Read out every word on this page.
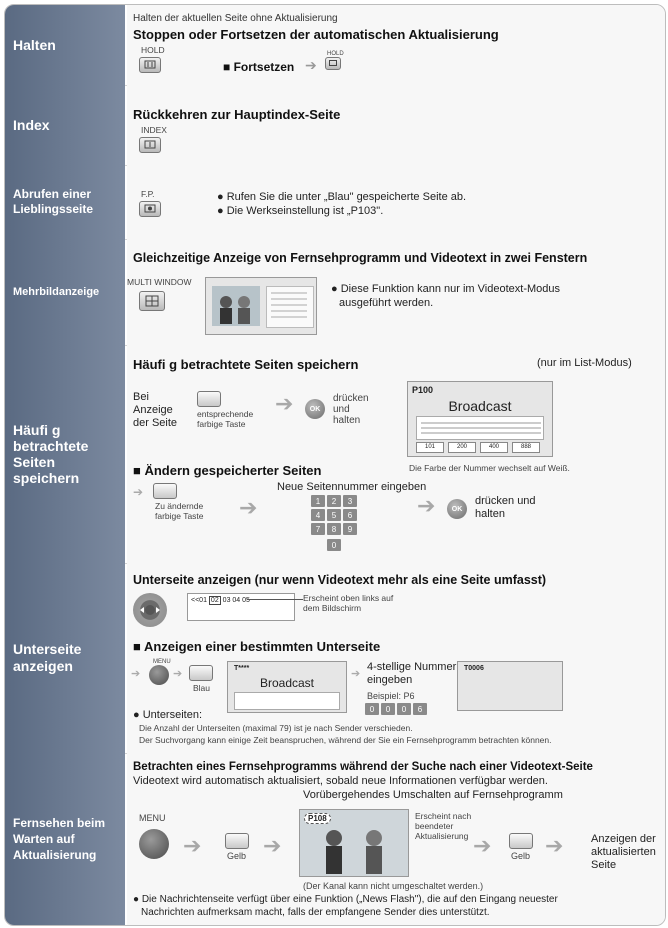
Halten
Halten der aktuellen Seite ohne Aktualisierung
Stoppen oder Fortsetzen der automatischen Aktualisierung
HOLD
■ Fortsetzen ➔
HOLD
Index
Rückkehren zur Hauptindex-Seite
INDEX
Abrufen einer
Lieblingsseite
F.P.	● Rufen Sie die unter „Blau" gespeicherte Seite ab.
● Die Werkseinstellung ist „P103".
Mehrbildanzeige
Gleichzeitige Anzeige von Fernsehprogramm und Videotext in zwei Fenstern
MULTI WINDOW
● Diese Funktion kann nur im Videotext-Modus
ausgeführt werden.
Häufi g
betrachtete
Seiten
speichern
Häufi g betrachtete Seiten speichern	(nur im List-Modus)
Bei
Anzeige
der Seite
entsprechende
farbige Taste
➔ OK
drücken
und
halten
P100
Broadcast
101	200	400	888
Die Farbe der Nummer wechselt auf Weiß.
■ Ändern gespeicherter Seiten
Neue Seitennummer eingeben
➔
Zu ändernde
farbige Taste ➔	1	2	3
4	5	6
7	8	9
0
➔ OK
drücken und
halten
Unterseite
anzeigen
Unterseite anzeigen (nur wenn Videotext mehr als eine Seite umfasst)
<<01 02 03 04 05	Erscheint oben links auf
dem Bildschirm
■ Anzeigen einer bestimmten Unterseite
MENU
➔	➔
Blau
T****
Broadcast
➔
4-stellige Nummer
eingeben
Beispiel: P6
0	0	0	6
T0006
● Unterseiten:
Die Anzahl der Unterseiten (maximal 79) ist je nach Sender verschieden.
Der Suchvorgang kann einige Zeit beanspruchen, während der Sie ein Fernsehprogramm betrachten können.
Fernsehen beim
Warten auf
Aktualisierung
Betrachten eines Fernsehprogramms während der Suche nach einer Videotext-Seite
Videotext wird automatisch aktualisiert, sobald neue Informationen verfügbar werden.
Vorübergehendes Umschalten auf Fernsehprogramm
MENU
➔	Gelb ➔
P108	Erscheint nach
beendeter
Aktualisierung ➔ Gelb ➔	Anzeigen der
aktualisierten
Seite
(Der Kanal kann nicht umgeschaltet werden.)
● Die Nachrichtenseite verfügt über eine Funktion („News Flash"), die auf den Eingang neuester
Nachrichten aufmerksam macht, falls der empfangene Sender dies unterstützt.
